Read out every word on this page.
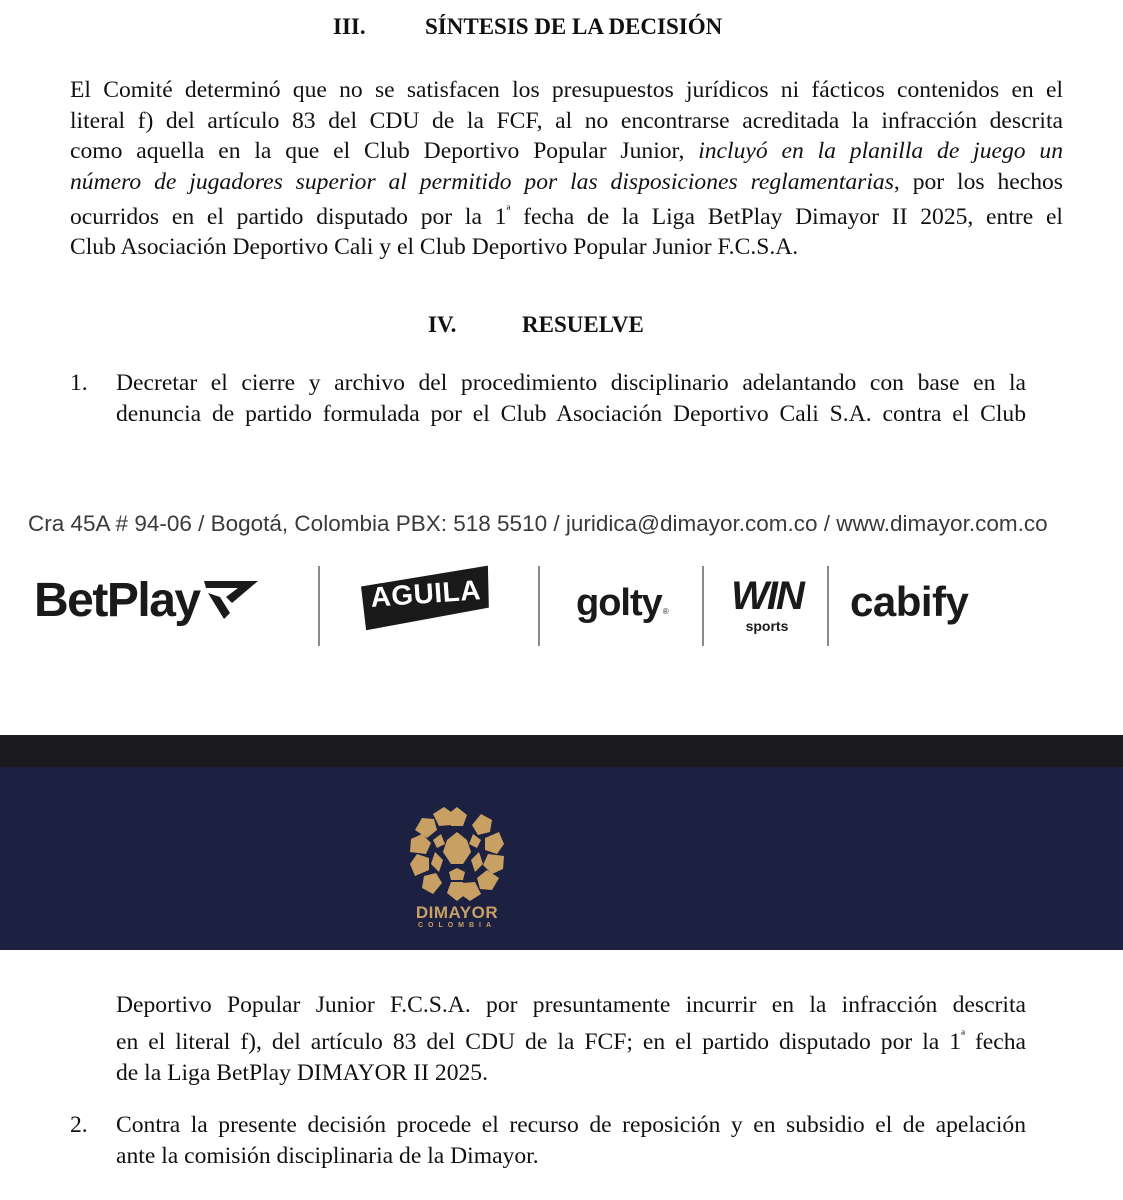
III.	SÍNTESIS DE LA DECISIÓN
El Comité determinó que no se satisfacen los presupuestos jurídicos ni fácticos contenidos en el
literal f) del artículo 83 del CDU de la FCF, al no encontrarse acreditada la infracción descrita
como aquella en la que el Club Deportivo Popular Junior, incluyó en la planilla de juego un
número de jugadores superior al permitido por las disposiciones reglamentarias, por los hechos
ocurridos en el partido disputado por la $1^ª$ fecha de la Liga BetPlay Dimayor II 2025, entre el
Club Asociación Deportivo Cali y el Club Deportivo Popular Junior F.C.S.A.
IV.	RESUELVE
1. Decretar el cierre y archivo del procedimiento disciplinario adelantando con base en la
denuncia de partido formulada por el Club Asociación Deportivo Cali S.A. contra el Club
Cra 45A # 94-06 / Bogotá, Colombia PBX: 518 5510 / juridica@dimayor.com.co / www.dimayor.com.co
BetPlay	AGUILA	golty ®	WIN
sports
cabify
DIMAYOR
COLOMBIA
Deportivo Popular Junior F.C.S.A. por presuntamente incurrir en la infracción descrita
en el literal f), del artículo 83 del CDU de la FCF; en el partido disputado por la $1^ª$ fecha
de la Liga BetPlay DIMAYOR II 2025.
2. Contra la presente decisión procede el recurso de reposición y en subsidio el de apelación
ante la comisión disciplinaria de la Dimayor.
